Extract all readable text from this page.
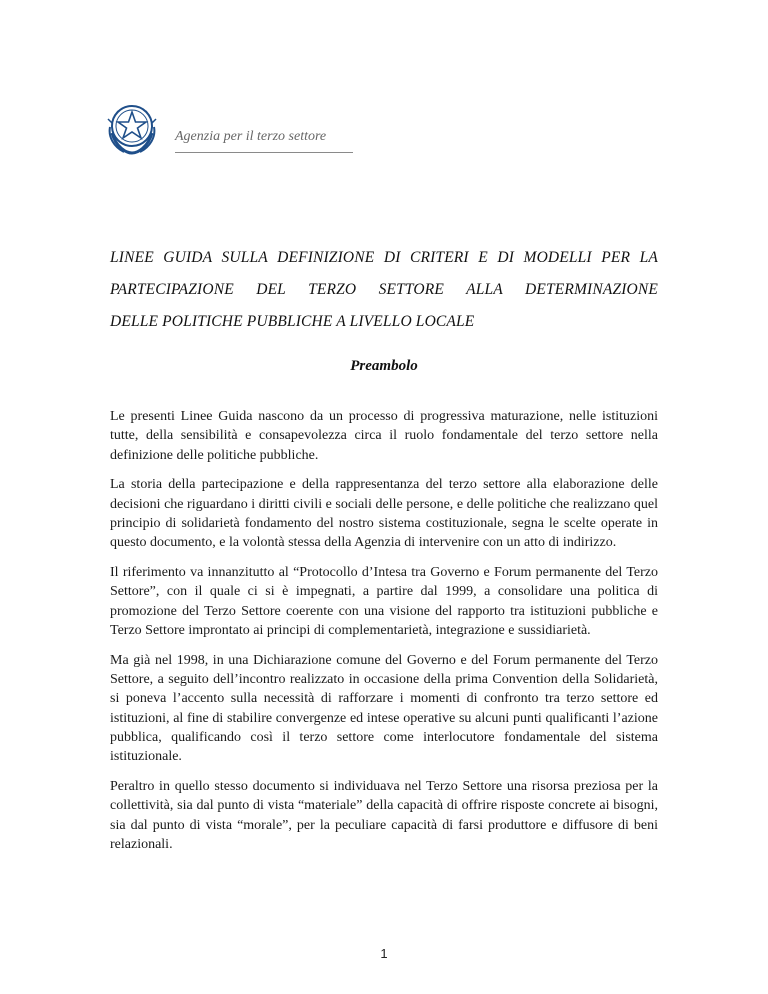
Agenzia per il terzo settore
LINEE GUIDA SULLA DEFINIZIONE DI CRITERI E DI MODELLI PER LA
PARTECIPAZIONE DEL TERZO SETTORE ALLA DETERMINAZIONE
DELLE POLITICHE PUBBLICHE A LIVELLO LOCALE
Preambolo

Le presenti Linee Guida nascono da un processo di progressiva maturazione, nelle istituzioni tutte, della sensibilità e consapevolezza circa il ruolo fondamentale del terzo settore nella definizione delle politiche pubbliche.

La storia della partecipazione e della rappresentanza del terzo settore alla elaborazione delle decisioni che riguardano i diritti civili e sociali delle persone, e delle politiche che realizzano quel principio di solidarietà fondamento del nostro sistema costituzionale, segna le scelte operate in questo documento, e la volontà stessa della Agenzia di intervenire con un atto di indirizzo.

Il riferimento va innanzitutto al “Protocollo d’Intesa tra Governo e Forum permanente del Terzo Settore”, con il quale ci si è impegnati, a partire dal 1999, a consolidare una politica di promozione del Terzo Settore coerente con una visione del rapporto tra istituzioni pubbliche e Terzo Settore improntato ai principi di complementarietà, integrazione e sussidiarietà.

Ma già nel 1998, in una Dichiarazione comune del Governo e del Forum permanente del Terzo Settore, a seguito dell’incontro realizzato in occasione della prima Convention della Solidarietà, si poneva l’accento sulla necessità di rafforzare i momenti di confronto tra terzo settore ed istituzioni, al fine di stabilire convergenze ed intese operative su alcuni punti qualificanti l’azione pubblica, qualificando così il terzo settore come interlocutore fondamentale del sistema istituzionale.

Peraltro in quello stesso documento si individuava nel Terzo Settore una risorsa preziosa per la collettività, sia dal punto di vista “materiale” della capacità di offrire risposte concrete ai bisogni, sia dal punto di vista “morale”, per la peculiare capacità di farsi produttore e diffusore di beni relazionali.

1
